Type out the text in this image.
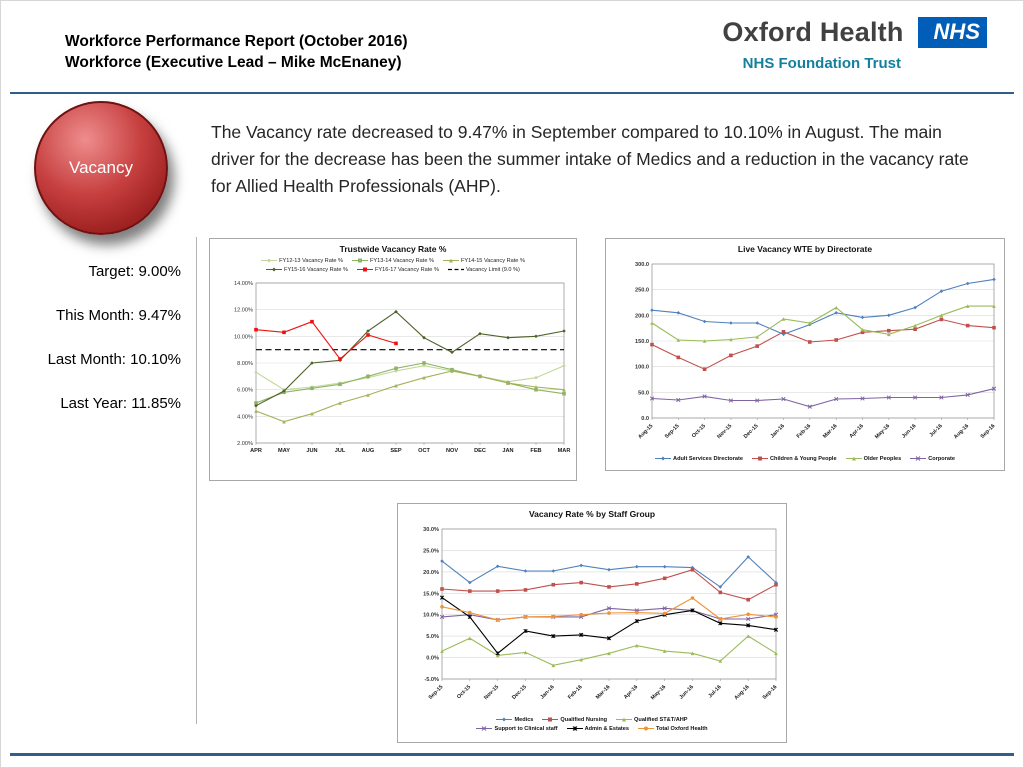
Workforce Performance Report (October 2016)
Workforce (Executive Lead – Mike McEnaney)
Oxford Health	NHS
NHS Foundation Trust
Vacancy

The Vacancy rate decreased to 9.47% in September compared to 10.10% in August. The main driver for the decrease has been the summer intake of Medics and a reduction in the vacancy rate for Allied Health Professionals (AHP).

Target: 9.00%
This Month: 9.47%
Last Month: 10.10%
Last Year: 11.85%
Trustwide Vacancy Rate %
FY12-13 Vacancy Rate %	FY13-14 Vacancy Rate %	FY14-15 Vacancy Rate %
FY15-16 Vacancy Rate %	FY16-17 Vacancy Rate %	Vacancy Limit (9.0 %)
2.00%
4.00%
6.00%
8.00%
10.00%
12.00%
14.00%
APR	MAY	JUN	JUL	AUG	SEP	OCT	NOV	DEC	JAN	FEB	MAR
Live Vacancy WTE by Directorate
0.0
50.0
100.0
150.0
200.0
250.0
300.0
Aug-15 Sep-15 Oct-15 Nov-15 Dec-15 Jan-16 Feb-16 Mar-16 Apr-16 May-16 Jun-16 Jul-16 Aug-16 Sep-16
Adult Services Directorate	Children & Young People	Older Peoples	Corporate
Vacancy Rate % by Staff Group
-5.0%
0.0%
5.0%
10.0%
15.0%
20.0%
25.0%
30.0%
Sep-15 Oct-15 Nov-15 Dec-15 Jan-16 Feb-16 Mar-16 Apr-16 May-16 Jun-16 Jul-16 Aug-16 Sep-16
Medics	Qualified Nursing	Qualified ST&T/AHP
Support to Clinical staff	Admin & Estates	Total Oxford Health
